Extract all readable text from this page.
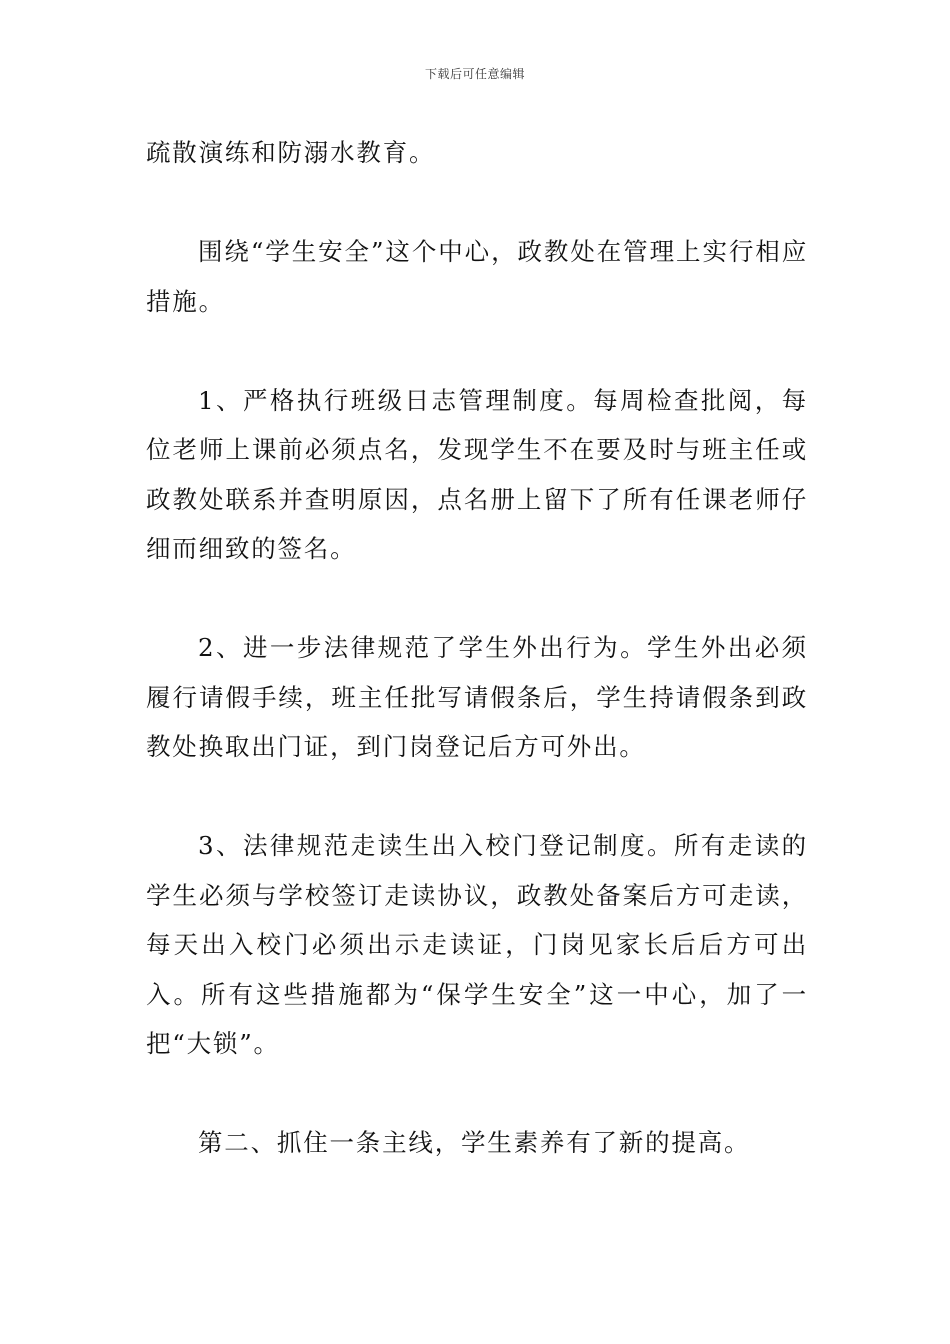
下载后可任意编辑

疏散演练和防溺水教育。

围绕“学生安全”这个中心，政教处在管理上实行相应措施。

1、严格执行班级日志管理制度。每周检查批阅，每位老师上课前必须点名，发现学生不在要及时与班主任或政教处联系并查明原因，点名册上留下了所有任课老师仔细而细致的签名。

2、进一步法律规范了学生外出行为。学生外出必须履行请假手续，班主任批写请假条后，学生持请假条到政教处换取出门证，到门岗登记后方可外出。

3、法律规范走读生出入校门登记制度。所有走读的学生必须与学校签订走读协议，政教处备案后方可走读，每天出入校门必须出示走读证，门岗见家长后后方可出入。所有这些措施都为“保学生安全”这一中心，加了一把“大锁”。

第二、抓住一条主线，学生素养有了新的提高。
